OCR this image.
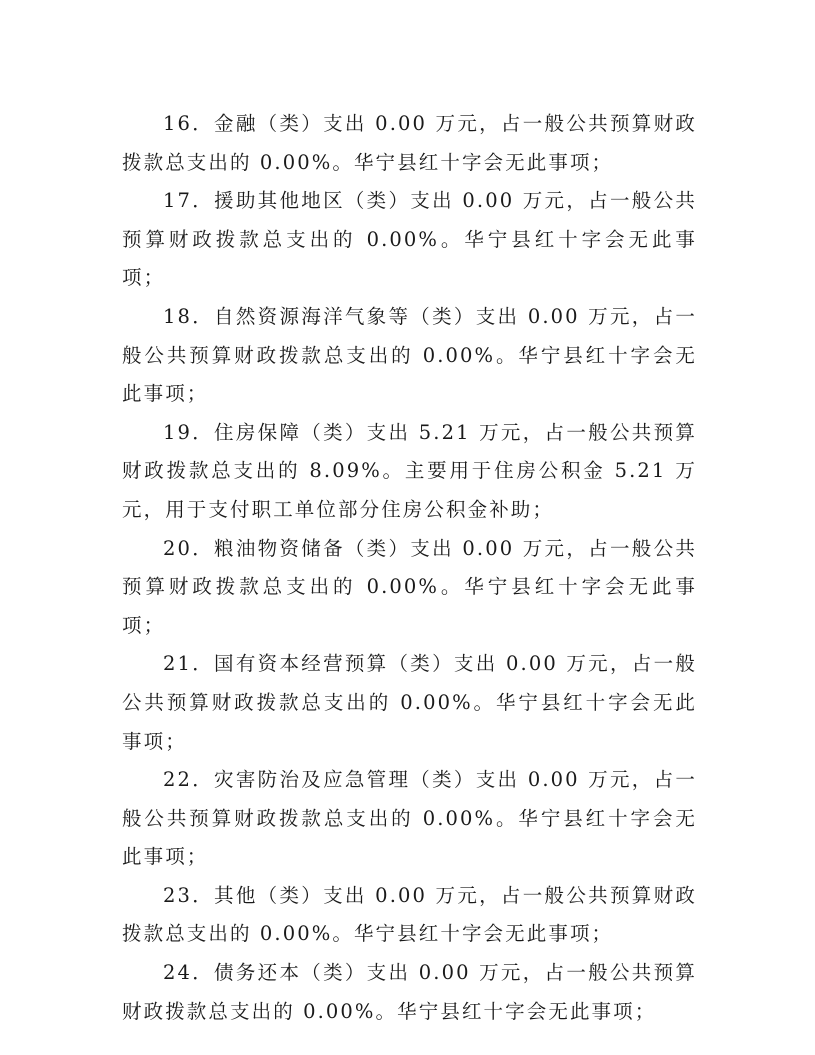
16．金融（类）支出 0.00 万元，占一般公共预算财政拨款总支出的 0.00%。华宁县红十字会无此事项；

17．援助其他地区（类）支出 0.00 万元，占一般公共预算财政拨款总支出的 0.00%。华宁县红十字会无此事项；

18．自然资源海洋气象等（类）支出 0.00 万元，占一般公共预算财政拨款总支出的 0.00%。华宁县红十字会无此事项；

19．住房保障（类）支出 5.21 万元，占一般公共预算财政拨款总支出的 8.09%。主要用于住房公积金 5.21 万元，用于支付职工单位部分住房公积金补助；

20．粮油物资储备（类）支出 0.00 万元，占一般公共预算财政拨款总支出的 0.00%。华宁县红十字会无此事项；

21．国有资本经营预算（类）支出 0.00 万元，占一般公共预算财政拨款总支出的 0.00%。华宁县红十字会无此事项；

22．灾害防治及应急管理（类）支出 0.00 万元，占一般公共预算财政拨款总支出的 0.00%。华宁县红十字会无此事项；

23．其他（类）支出 0.00 万元，占一般公共预算财政拨款总支出的 0.00%。华宁县红十字会无此事项；

24．债务还本（类）支出 0.00 万元，占一般公共预算财政拨款总支出的 0.00%。华宁县红十字会无此事项；
